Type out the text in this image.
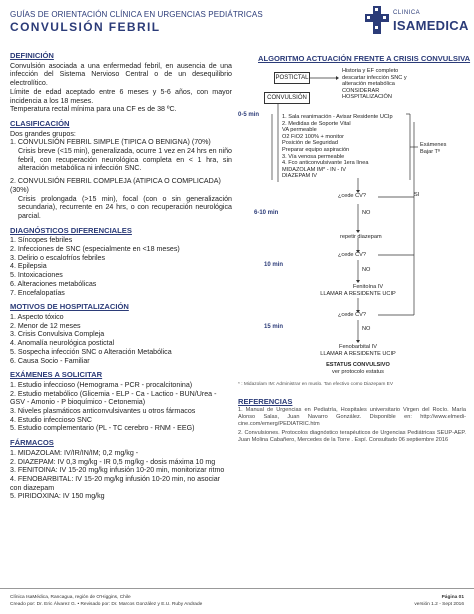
GUÍAS DE ORIENTACIÓN CLÍNICA EN URGENCIAS PEDIÁTRICAS
CONVULSIÓN FEBRIL
CLINICA
ISAMEDICA
DEFINICIÓN
Convulsión asociada a una enfermedad febril, en ausencia de una infección del Sistema Nervioso Central o de un desequilibrio electrolítico.
Límite de edad aceptado entre 6 meses y 5-6 años, con mayor incidencia a los 18 meses.
Temperatura rectal mínima para una CF es de 38 ºC.
CLASIFICACIÓN
Dos grandes grupos:
1. CONVULSIÓN FEBRIL SIMPLE (TIPICA O BENIGNA) (70%)
Crisis breve (<15 min), generalizada, ocurre 1 vez en 24 hrs en niño febril, con recuperación neurológica completa en < 1 hra, sin alteración metabólica ni infección SNC.
2. CONVULSIÓN FEBRIL COMPLEJA (ATIPICA O COMPLICADA) (30%)
Crisis prolongada (>15 min), focal (con o sin generalización secundaria), recurrente en 24 hrs, o con recuperación neurológica parcial.
DIAGNÓSTICOS DIFERENCIALES
1. Síncopes febriles
2. Infecciones de SNC (especialmente en <18 meses)
3. Delirio o escalofríos febriles
4. Epilepsia
5. Intoxicaciones
6. Alteraciones metabólicas
7. Encefalopatías
MOTIVOS DE HOSPITALIZACIÓN
1. Aspecto tóxico
2. Menor de 12 meses
3. Crisis Convulsiva Compleja
4. Anomalía neurológica postictal
5. Sospecha infección SNC o Alteración Metabólica
6. Causa Socio - Familiar
EXÁMENES A SOLICITAR
1. Estudio infeccioso (Hemograma - PCR - procalcitonina)
2. Estudio metabólico (Glicemia - ELP - Ca - Lactico - BUN/Urea - GSV - Amonio - P bioquímico - Cetonemia)
3. Niveles plasmáticos anticonvulsivantes u otros fármacos
4. Estudio infeccioso SNC
5. Estudio complementario (PL - TC cerebro - RNM - EEG)
FÁRMACOS
1. MIDAZOLAM: IV/IR/IN/IM; 0,2 mg/kg -
2. DIAZEPAM: IV 0,3 mg/kg - IR 0,5 mg/kg - dosis máxima 10 mg
3. FENITOINA: IV 15-20 mg/kg infusión 10-20 min, monitorizar ritmo
4. FENOBARBITAL: IV 15-20 mg/kg infusión 10-20 min, no asociar con diazepam
5. PIRIDOXINA: IV 150 mg/kg
ALGORITMO ACTUACIÓN FRENTE A CRISIS CONVULSIVA
POSTICTAL
Historia y EF completo descartar infección SNC y alteración metabólica CONSIDERAR HOSPITALIZACIÓN
CONVULSIÓN
0-5 min	1. Sala reanimación - Avisar Residente UCIp
2. Medidas de Soporte Vital
VA permeable
O2 FiO2 100% + monitor
Posición de Seguridad
Preparar equipo aspiración
3. Vía venosa permeable
4. Fco anticonvulsivante 1era línea
MIDAZOLAM IM* - IN - IV
DIAZEPAM IV
Exámenes Bajar Tº
¿cede CV?	SI
6-10 min	NO
repetir diazepam
¿cede CV?
10 min
NO
Fenitoína IV
LLAMAR A RESIDENTE UCIP
¿cede CV?
15 min	NO
Fenobarbital IV
LLAMAR A RESIDENTE UCIP
ESTATUS CONVULSIVO
ver protocolo estatus
* : Midazolam IM: Administrar en muslo. Tan efectivo como Diazepam EV
REFERENCIAS
1. Manual de Urgencias en Pediatría, Hospitales universitario Virgen del Rocío. María Alonso Salas, Juan Navarro González. Disponible en: http://www.elmedi-cine.com/emerg/PEDIATRIC.htm
2. Convulsiones. Protocolos diagnóstico terapéuticos de Urgencias Pediátricas SEUP-AEP. Juan Molina Cabañero, Mercedes de la Torre . Espí. Consultado 06 septiembre 2016
Clínica IsaMédica, Rancagua, región de O'Higgins, Chile
Creado por: Dr. Eric Álvarez G. • Revisado por: Dr. Marcos González y E.U. Ruby Andrade
Página 01
versión 1.2 - Sept 2016
